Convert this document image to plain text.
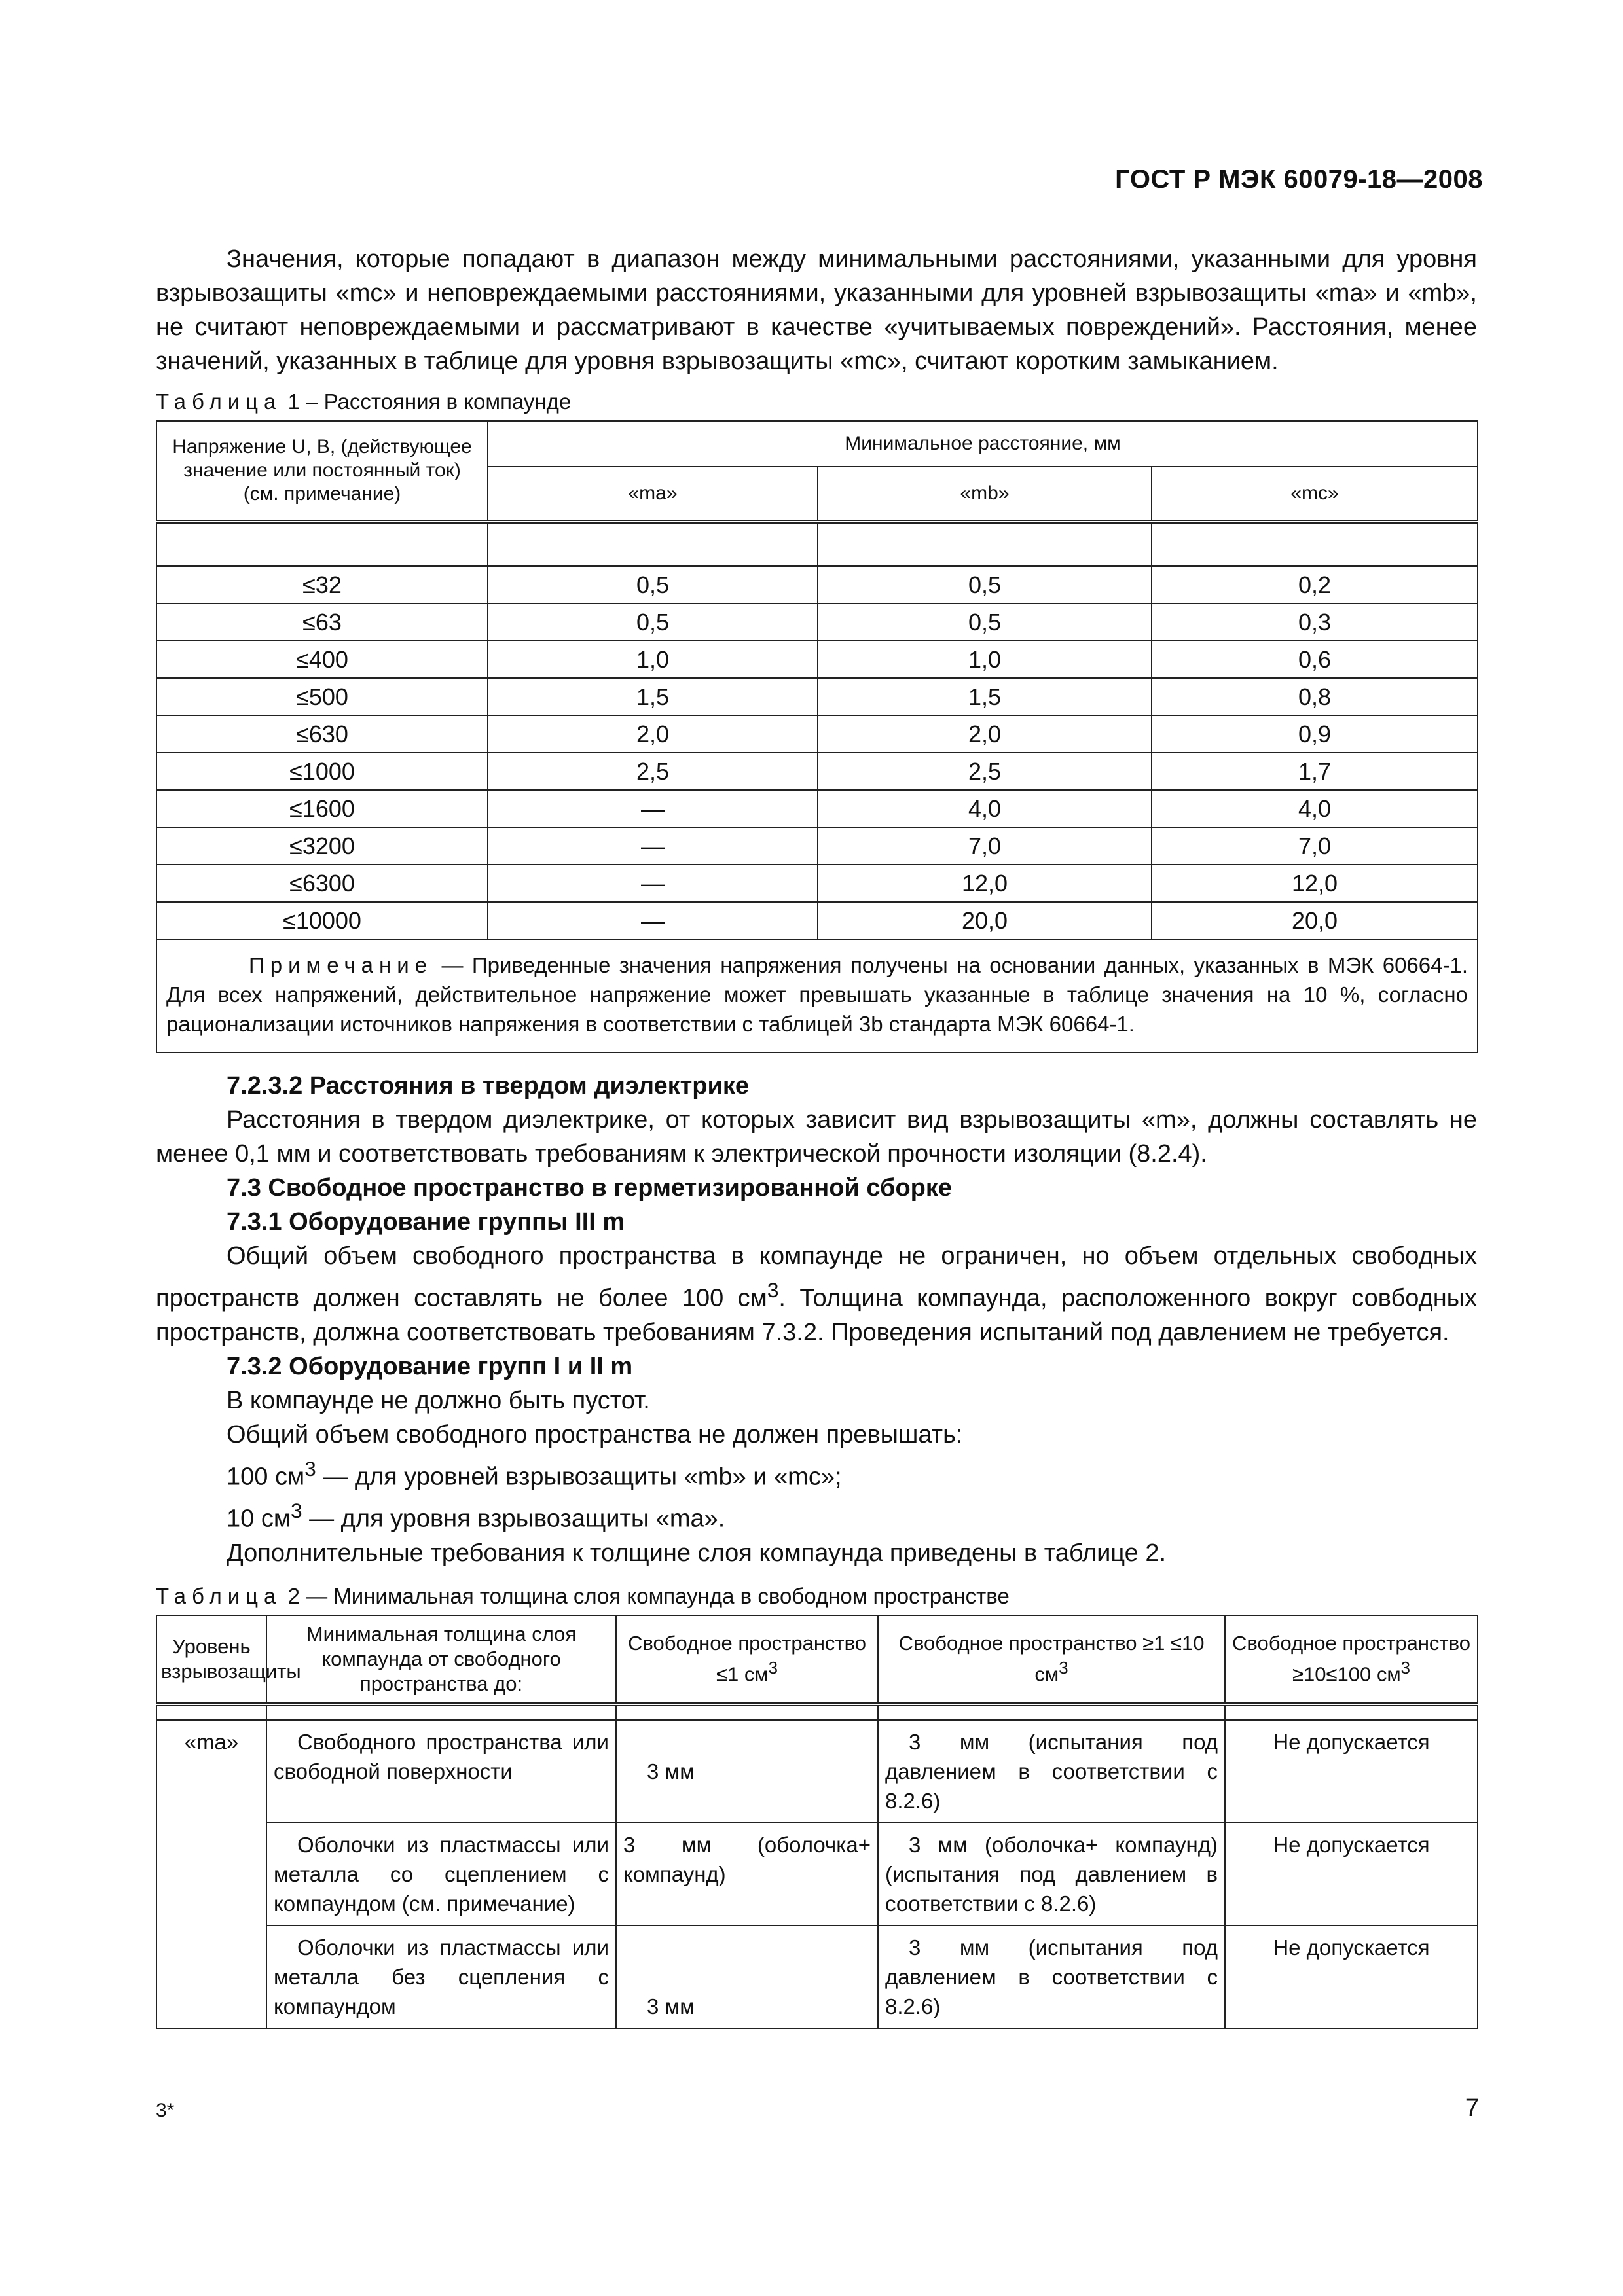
ГОСТ Р МЭК 60079-18—2008

Значения, которые попадают в диапазон между минимальными расстояниями, указанными для уровня взрывозащиты «mc» и неповреждаемыми расстояниями, указанными для уровней взрывозащиты «ma» и «mb», не считают неповреждаемыми и рассматривают в качестве «учитываемых повреждений». Расстояния, менее значений, указанных в таблице для уровня взрывозащиты «mc», считают коротким замыканием.

Таблица 1 – Расстояния в компаунде

Напряжение U, B, (действующее значение или постоянный ток) (см. примечание)	Минимальное расстояние, мм		
	«ma»	«mb»	«mc»

≤32	0,5	0,5	0,2
≤63	0,5	0,5	0,3
≤400	1,0	1,0	0,6
≤500	1,5	1,5	0,8
≤630	2,0	2,0	0,9
≤1000	2,5	2,5	1,7
≤1600	—	4,0	4,0
≤3200	—	7,0	7,0
≤6300	—	12,0	12,0
≤10000	—	20,0	20,0
Примечание — Приведенные значения напряжения получены на основании данных, указанных в МЭК 60664-1. Для всех напряжений, действительное напряжение может превышать указанные в таблице значения на 10 %, согласно рационализации источников напряжения в соответствии с таблицей 3b стандарта МЭК 60664-1.			

7.2.3.2 Расстояния в твердом диэлектрике

Расстояния в твердом диэлектрике, от которых зависит вид взрывозащиты «m», должны составлять не менее 0,1 мм и соответствовать требованиям к электрической прочности изоляции (8.2.4).

7.3 Свободное пространство в герметизированной сборке

7.3.1 Оборудование группы III m

Общий объем свободного пространства в компаунде не ограничен, но объем отдельных свободных пространств должен составлять не более 100 $см^3$. Толщина компаунда, расположенного вокруг совбодных пространств, должна соответствовать требованиям 7.3.2. Проведения испытаний под давлением не требуется.

7.3.2 Оборудование групп I и II m

В компаунде не должно быть пустот.

Общий объем свободного пространства не должен превышать:

100 $см^3$ — для уровней взрывозащиты «mb» и «mc»;

10 $см^3$ — для уровня взрывозащиты «ma».

Дополнительные требования к толщине слоя компаунда приведены в таблице 2.

Таблица 2 — Минимальная толщина слоя компаунда в свободном пространстве

Уровень взрывозащиты	Минимальная толщина слоя компаунда от свободного пространства до:	Свободное пространство ≤1 $см^3$	Свободное пространство ≥1 ≤10 $см^3$	Свободное пространство ≥10≤100 $см^3$

«ma»	Свободного пространства или свободной поверхности	3 мм	3 мм (испытания под давлением в соответствии с 8.2.6)	Не допускается
	Оболочки из пластмассы или металла со сцеплением с компаундом (см. примечание)	3 мм (оболочка+ компаунд)	3 мм (оболочка+ компаунд) (испытания под давлением в соответствии с 8.2.6)	Не допускается
	Оболочки из пластмассы или металла без сцепления с компаундом	3 мм	3 мм (испытания под давлением в соответствии с 8.2.6)	Не допускается
3*	7
